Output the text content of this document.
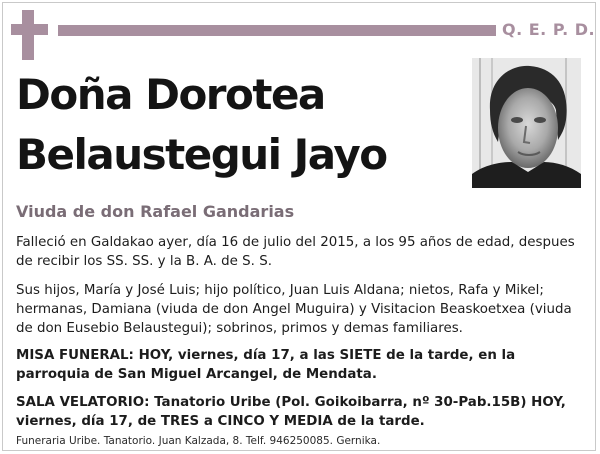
Q. E. P. D.
Doña Dorotea
Belaustegui Jayo
Viuda de don Rafael Gandarias
Falleció en Galdakao ayer, día 16 de julio del 2015, a los 95 años de edad, despues de recibir los SS. SS. y la B. A. de S. S.
Sus hijos, María y José Luis; hijo político, Juan Luis Aldana; nietos, Rafa y Mikel; hermanas, Damiana (viuda de don Angel Muguira) y Visitacion Beaskoetxea (viuda de don Eusebio Belaustegui); sobrinos, primos y demas familiares.
MISA FUNERAL: HOY, viernes, día 17, a las SIETE de la tarde, en la parroquia de San Miguel Arcangel, de Mendata.
SALA VELATORIO: Tanatorio Uribe (Pol. Goikoibarra, nº 30-Pab.15B) HOY, viernes, día 17, de TRES a CINCO Y MEDIA de la tarde.
Funeraria Uribe. Tanatorio. Juan Kalzada, 8. Telf. 946250085. Gernika.
